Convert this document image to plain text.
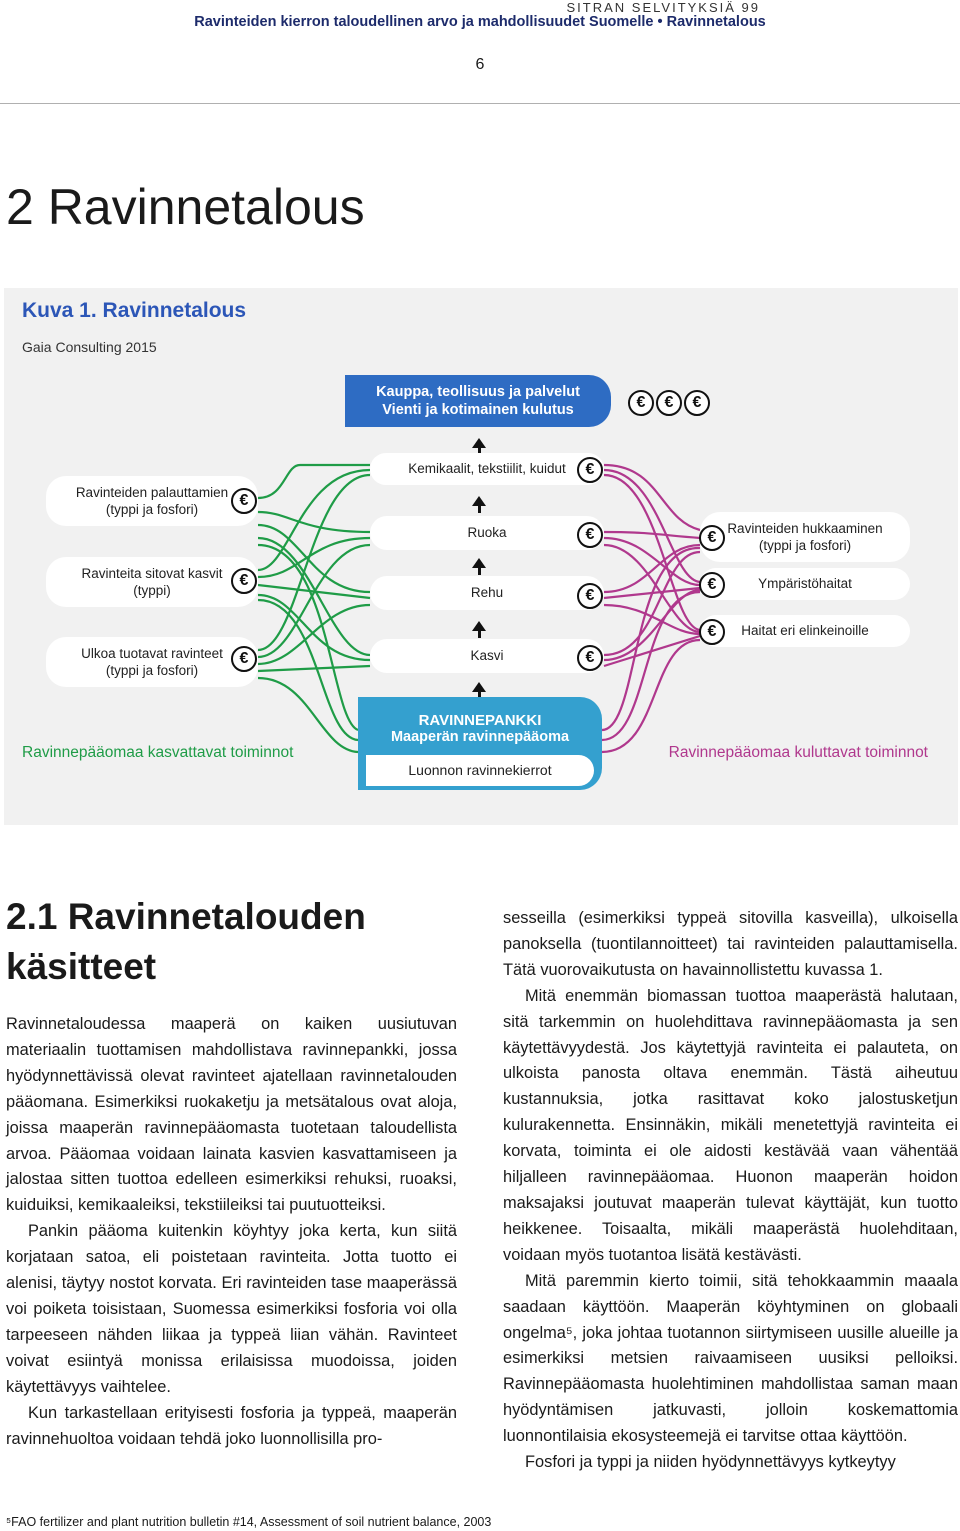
SITRAN SELVITYKSIÄ 99
Ravinteiden kierron taloudellinen arvo ja mahdollisuudet Suomelle • Ravinnetalous
6
2 Ravinnetalous
Kuva 1. Ravinnetalous
Gaia Consulting 2015
Kauppa, teollisuus ja palvelut
Vienti ja kotimainen kulutus	€	€	€
Kemikaalit, tekstiilit, kuidut	€
Ruoka	€
Rehu	€
Kasvi	€
Ravinteiden palauttamien
(typpi ja fosfori)
€
Ravinteita sitovat kasvit
(typpi)
€
Ulkoa tuotavat ravinteet
(typpi ja fosfori)
€
Ravinteiden hukkaaminen
(typpi ja fosfori)
€
Ympäristöhaitat
€
Haitat eri elinkeinoille
€
RAVINNEPANKKI
Maaperän ravinnepääoma
Luonnon ravinnekierrot
Ravinnepääomaa kasvattavat toiminnot	Ravinnepääomaa kuluttavat toiminnot
2.1 Ravinnetalouden
käsitteet

Ravinnetaloudessa maaperä on kaiken uusiutuvan materiaalin tuottamisen mahdollistava ravinnepankki, jossa hyödynnettävissä olevat ravinteet ajatellaan ravinnetalouden pääomana. Esimerkiksi ruokaketju ja metsätalous ovat aloja, joissa maaperän ravinnepääomasta tuotetaan taloudellista arvoa. Pääomaa voidaan lainata kasvien kasvattamiseen ja jalostaa sitten tuottoa edelleen esimerkiksi rehuksi, ruoaksi, kuiduiksi, kemikaaleiksi, tekstiileiksi tai puutuotteiksi.

Pankin pääoma kuitenkin köyhtyy joka kerta, kun siitä korjataan satoa, eli poistetaan ravinteita. Jotta tuotto ei alenisi, täytyy nostot korvata. Eri ravinteiden tase maaperässä voi poiketa toisistaan, Suomessa esimerkiksi fosforia voi olla tarpeeseen nähden liikaa ja typpeä liian vähän. Ravinteet voivat esiintyä monissa erilaisissa muodoissa, joiden käytettävyys vaihtelee.

Kun tarkastellaan erityisesti fosforia ja typpeä, maaperän ravinnehuoltoa voidaan tehdä joko luonnollisilla pro-

sesseilla (esimerkiksi typpeä sitovilla kasveilla), ulkoisella panoksella (tuontilannoitteet) tai ravinteiden palauttamisella. Tätä vuorovaikutusta on havainnollistettu kuvassa 1.

Mitä enemmän biomassan tuottoa maaperästä halutaan, sitä tarkemmin on huolehdittava ravinnepääomasta ja sen käytettävyydestä. Jos käytettyjä ravinteita ei palauteta, on ulkoista panosta oltava enemmän. Tästä aiheutuu kustannuksia, jotka rasittavat koko jalostusketjun kulurakennetta. Ensinnäkin, mikäli menetettyjä ravinteita ei korvata, toiminta ei ole aidosti kestävää vaan vähentää hiljalleen ravinnepääomaa. Huonon maaperän hoidon maksajaksi joutuvat maaperän tulevat käyttäjät, kun tuotto heikkenee. Toisaalta, mikäli maaperästä huolehditaan, voidaan myös tuotantoa lisätä kestävästi.

Mitä paremmin kierto toimii, sitä tehokkaammin maaala saadaan käyttöön. Maaperän köyhtyminen on globaali ongelma⁵, joka johtaa tuotannon siirtymiseen uusille alueille ja esimerkiksi metsien raivaamiseen uusiksi pelloiksi. Ravinnepääomasta huolehtiminen mahdollistaa saman maan hyödyntämisen jatkuvasti, jolloin koskemattomia luonnontilaisia ekosysteemejä ei tarvitse ottaa käyttöön.

Fosfori ja typpi ja niiden hyödynnettävyys kytkeytyy

⁵FAO fertilizer and plant nutrition bulletin #14, Assessment of soil nutrient balance, 2003
